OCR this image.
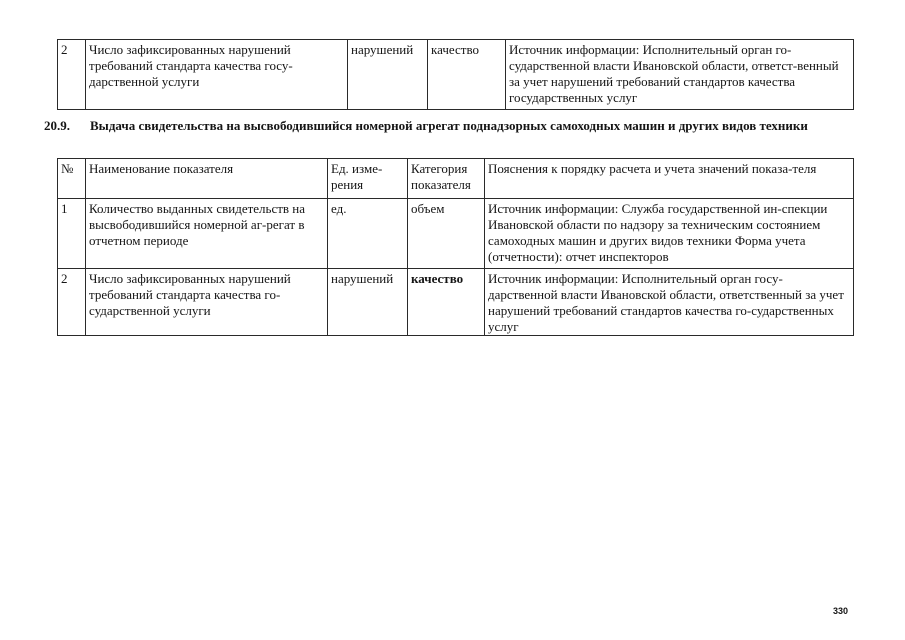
2	Число зафиксированных нарушений требований стандарта качества госу-дарственной услуги	нарушений	качество	Источник информации: Исполнительный орган го-сударственной власти Ивановской области, ответст-венный за учет нарушений требований стандартов качества государственных услуг
20.9. Выдача свидетельства на высвободившийся номерной агрегат поднадзорных самоходных машин и других видов техники
№	Наименование показателя	Ед. изме-рения	Категория показателя	Пояснения к порядку расчета и учета значений показа-теля
1	Количество выданных свидетельств на высвободившийся номерной аг-регат в отчетном периоде	ед.	объем	Источник информации: Служба государственной ин-спекции Ивановской области по надзору за техническим состоянием самоходных машин и других видов техники Форма учета (отчетности): отчет инспекторов
2	Число зафиксированных нарушений требований стандарта качества го-сударственной услуги	нарушений	качество	Источник информации: Исполнительный орган госу-дарственной власти Ивановской области, ответственный за учет нарушений требований стандартов качества го-сударственных услуг
330
